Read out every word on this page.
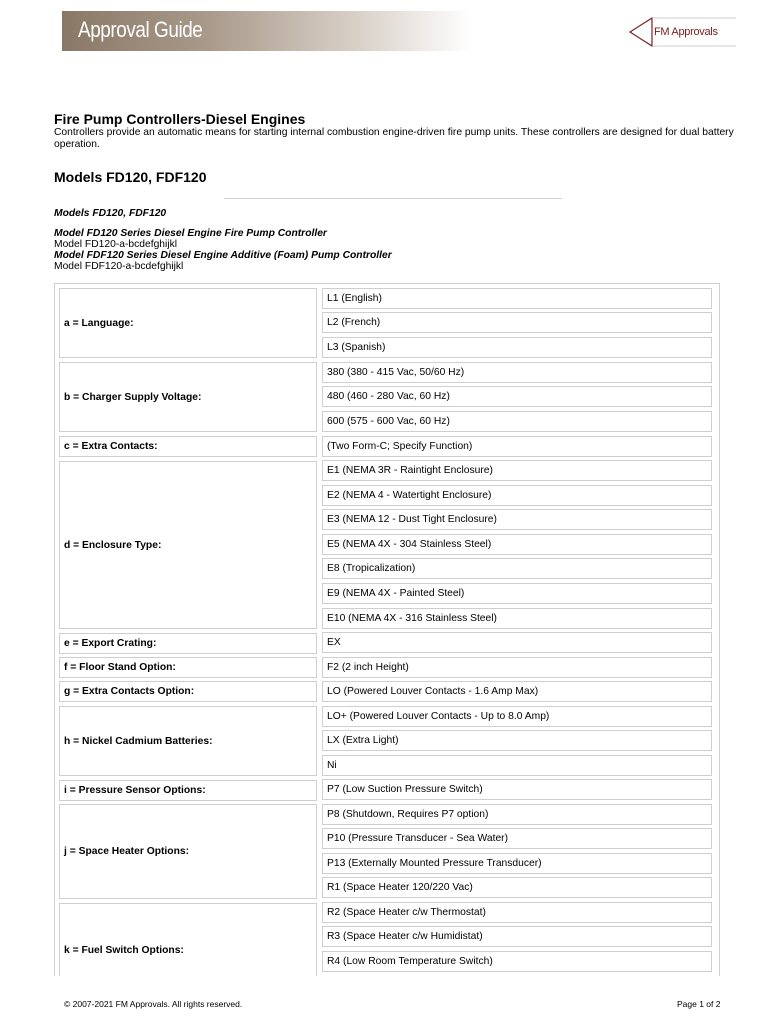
Approval Guide	FM Approvals
Fire Pump Controllers-Diesel Engines
Controllers provide an automatic means for starting internal combustion engine-driven fire pump units. These controllers are designed for dual battery operation.
Models FD120, FDF120
Models FD120, FDF120
Model FD120 Series Diesel Engine Fire Pump Controller
Model FD120-a-bcdefghijkl
Model FDF120 Series Diesel Engine Additive (Foam) Pump Controller
Model FDF120-a-bcdefghijkl
a = Language:
b = Charger Supply Voltage:
c = Extra Contacts:
d = Enclosure Type:
e = Export Crating:
f = Floor Stand Option:
g = Extra Contacts Option:
h = Nickel Cadmium Batteries:
i = Pressure Sensor Options:
j = Space Heater Options:
k = Fuel Switch Options:
L1 (English)
L2 (French)
L3 (Spanish)
380 (380 - 415 Vac, 50/60 Hz)
480 (460 - 280 Vac, 60 Hz)
600 (575 - 600 Vac, 60 Hz)
(Two Form-C; Specify Function)
E1 (NEMA 3R - Raintight Enclosure)
E2 (NEMA 4 - Watertight Enclosure)
E3 (NEMA 12 - Dust Tight Enclosure)
E5 (NEMA 4X - 304 Stainless Steel)
E8 (Tropicalization)
E9 (NEMA 4X - Painted Steel)
E10 (NEMA 4X - 316 Stainless Steel)
EX
F2 (2 inch Height)
LO (Powered Louver Contacts - 1.6 Amp Max)
LO+ (Powered Louver Contacts - Up to 8.0 Amp)
LX (Extra Light)
Ni
P7 (Low Suction Pressure Switch)
P8 (Shutdown, Requires P7 option)
P10 (Pressure Transducer - Sea Water)
P13 (Externally Mounted Pressure Transducer)
R1 (Space Heater 120/220 Vac)
R2 (Space Heater c/w Thermostat)
R3 (Space Heater c/w Humidistat)
R4 (Low Room Temperature Switch)
© 2007-2021 FM Approvals. All rights reserved.	Page 1 of 2
